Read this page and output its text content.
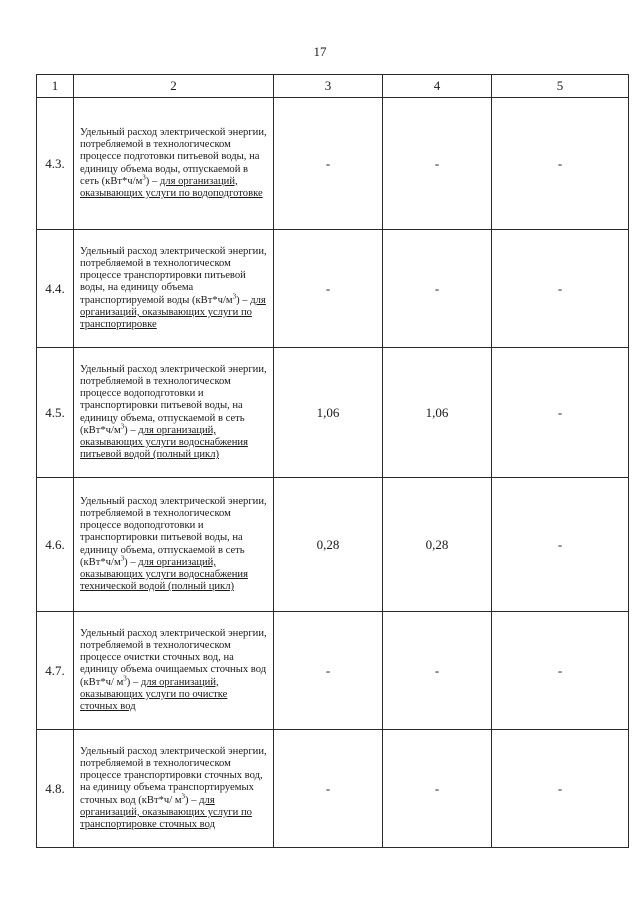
17
1	2	3	4	5
4.3.	Удельный расход электрической энергии, потребляемой в технологическом процессе подготовки питьевой воды, на единицу объема воды, отпускаемой в сеть $(кВт*ч/м^3)$ – для организаций, оказывающих услуги по водоподготовке	-	-	-
4.4.	Удельный расход электрической энергии, потребляемой в технологическом процессе транспортировки питьевой воды, на единицу объема транспортируемой воды $(кВт*ч/м^3)$ – для организаций, оказывающих услуги по транспортировке	-	-	-
4.5.	Удельный расход электрической энергии, потребляемой в технологическом процессе водоподготовки и транспортировки питьевой воды, на единицу объема, отпускаемой в сеть $(кВт*ч/м^3)$ – для организаций, оказывающих услуги водоснабжения питьевой водой (полный цикл)	1,06	1,06	-
4.6.	Удельный расход электрической энергии, потребляемой в технологическом процессе водоподготовки и транспортировки питьевой воды, на единицу объема, отпускаемой в сеть $(кВт*ч/м^3)$ – для организаций, оказывающих услуги водоснабжения технической водой (полный цикл)	0,28	0,28	-
4.7.	Удельный расход электрической энергии, потребляемой в технологическом процессе очистки сточных вод, на единицу объема очищаемых сточных вод (кВт*ч/ $м^3$) – для организаций, оказывающих услуги по очистке сточных вод	-	-	-
4.8.	Удельный расход электрической энергии, потребляемой в технологическом процессе транспортировки сточных вод, на единицу объема транспортируемых сточных вод (кВт*ч/ $м^3$) – для организаций, оказывающих услуги по транспортировке сточных вод	-	-	-
